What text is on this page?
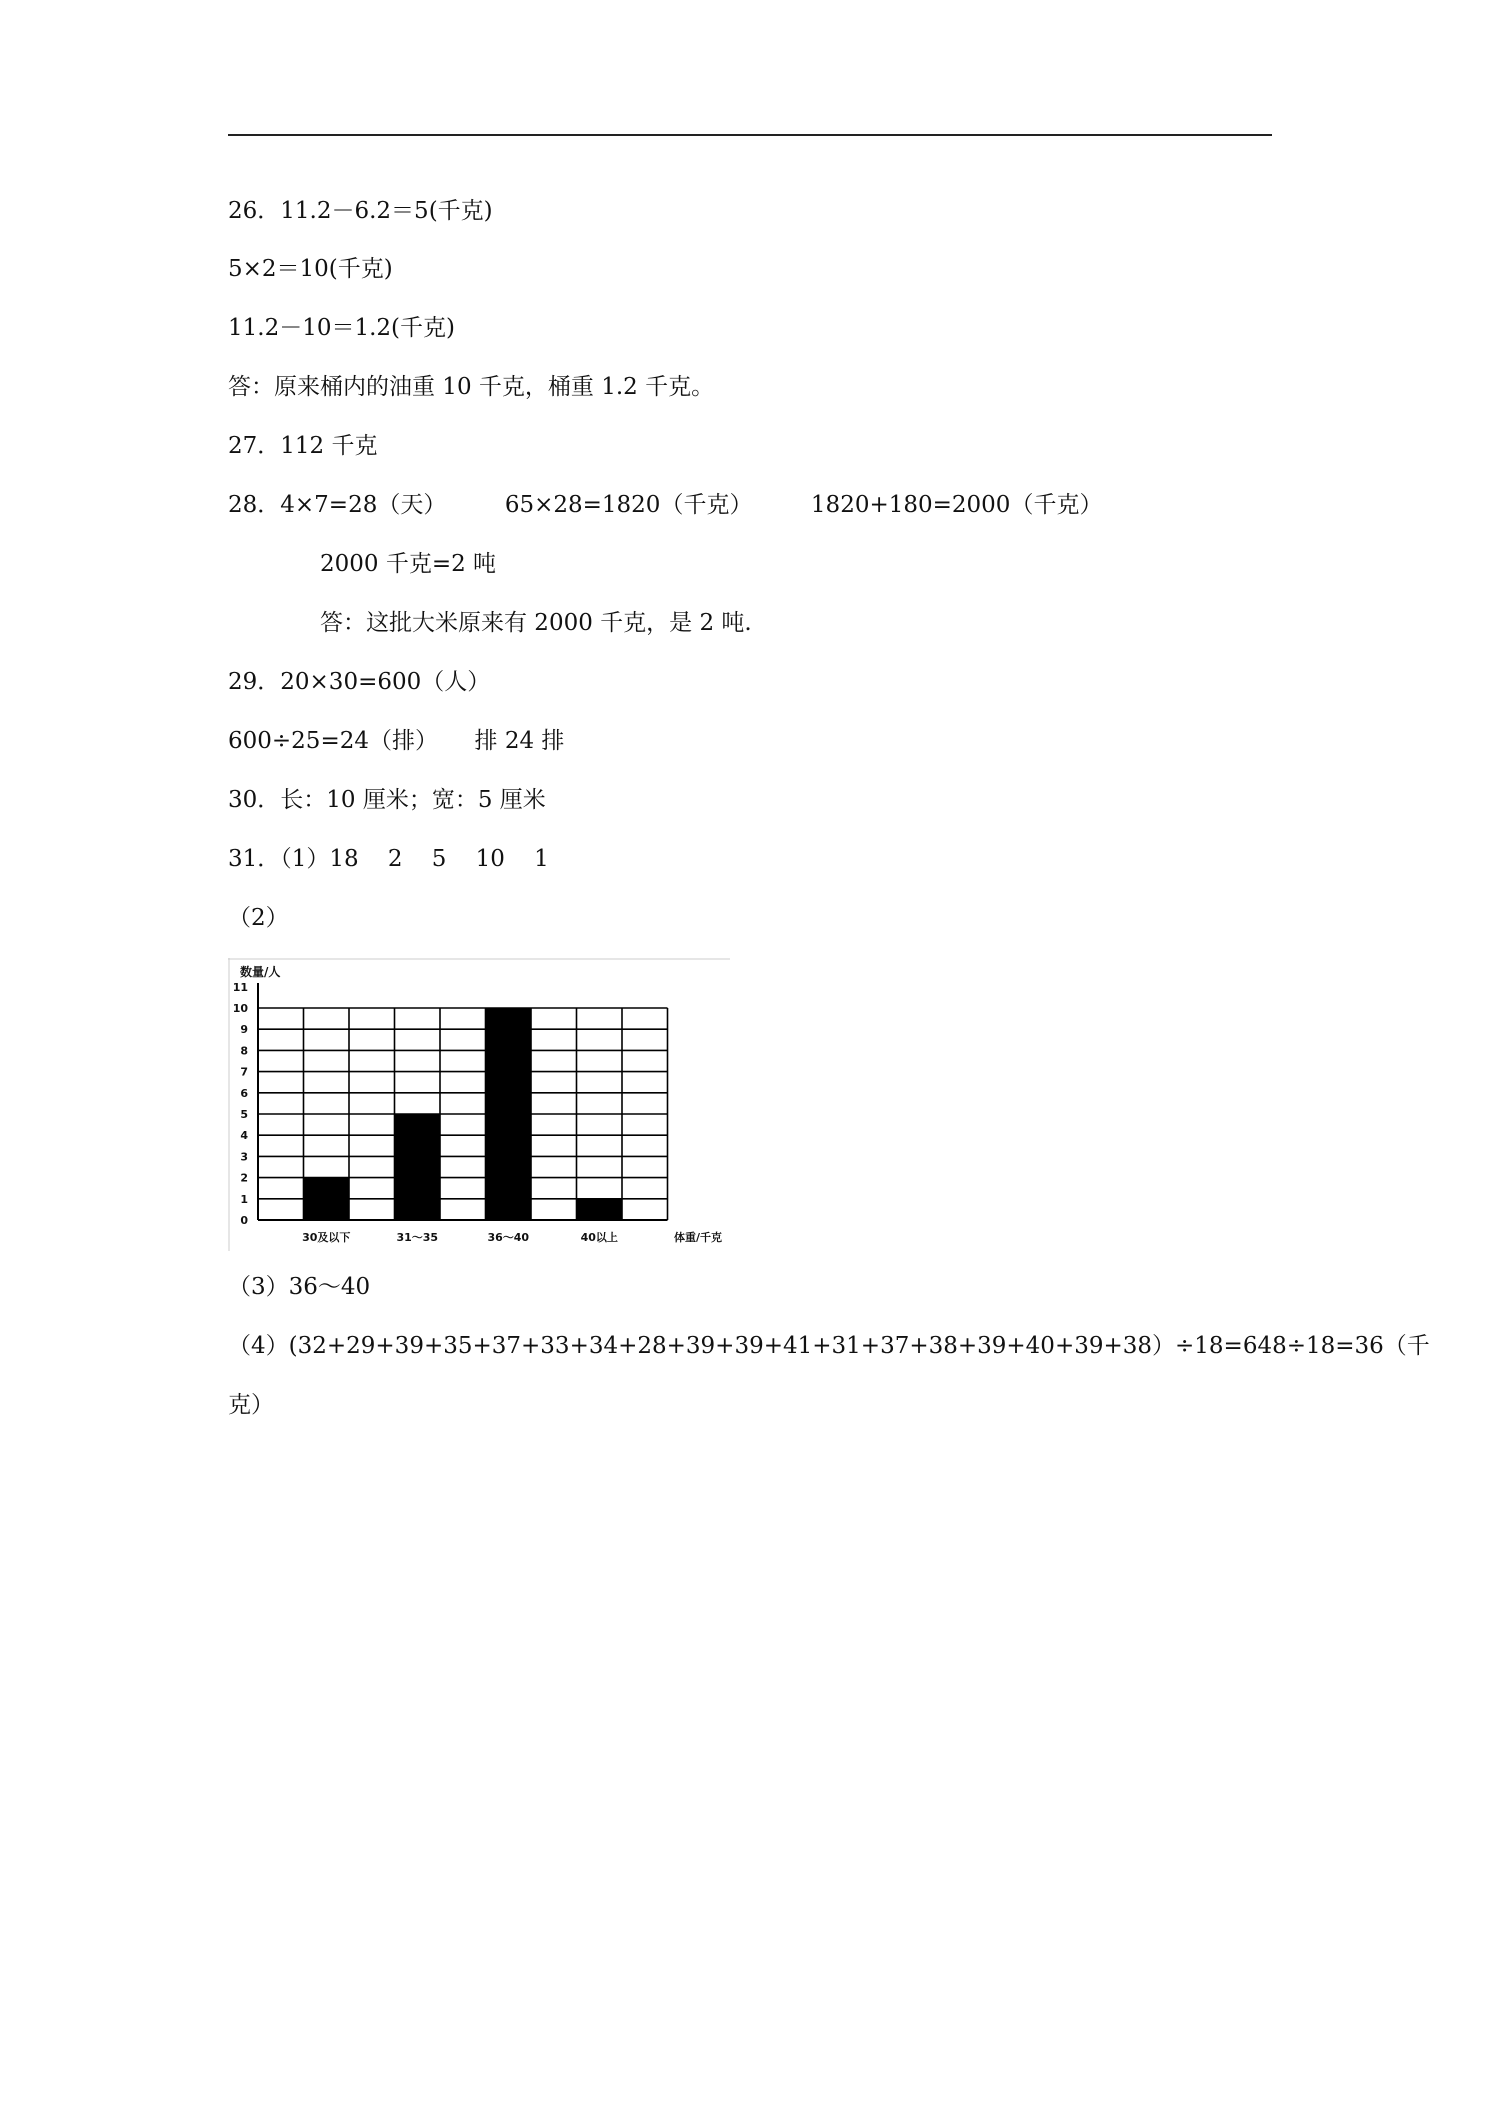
26．11.2－6.2＝5(千克)
5×2＝10(千克)
11.2－10＝1.2(千克)
答：原来桶内的油重 10 千克，桶重 1.2 千克。
27．112 千克
28．4×7=28（天）        65×28=1820（千克）        1820+180=2000（千克）
2000 千克=2 吨
答：这批大米原来有 2000 千克，是 2 吨.
29．20×30=600（人）
600÷25=24（排）     排 24 排
30．长：10 厘米；宽：5 厘米
31．（1）18    2    5    10    1
（2）
数量/人
体重/千克
0
1
2
3
4
5
6
7
8
9
10
11
30及以下	31～35	36～40	40以上
（3）36～40
（4）(32+29+39+35+37+33+34+28+39+39+41+31+37+38+39+40+39+38）÷18=648÷18=36（千
克）
